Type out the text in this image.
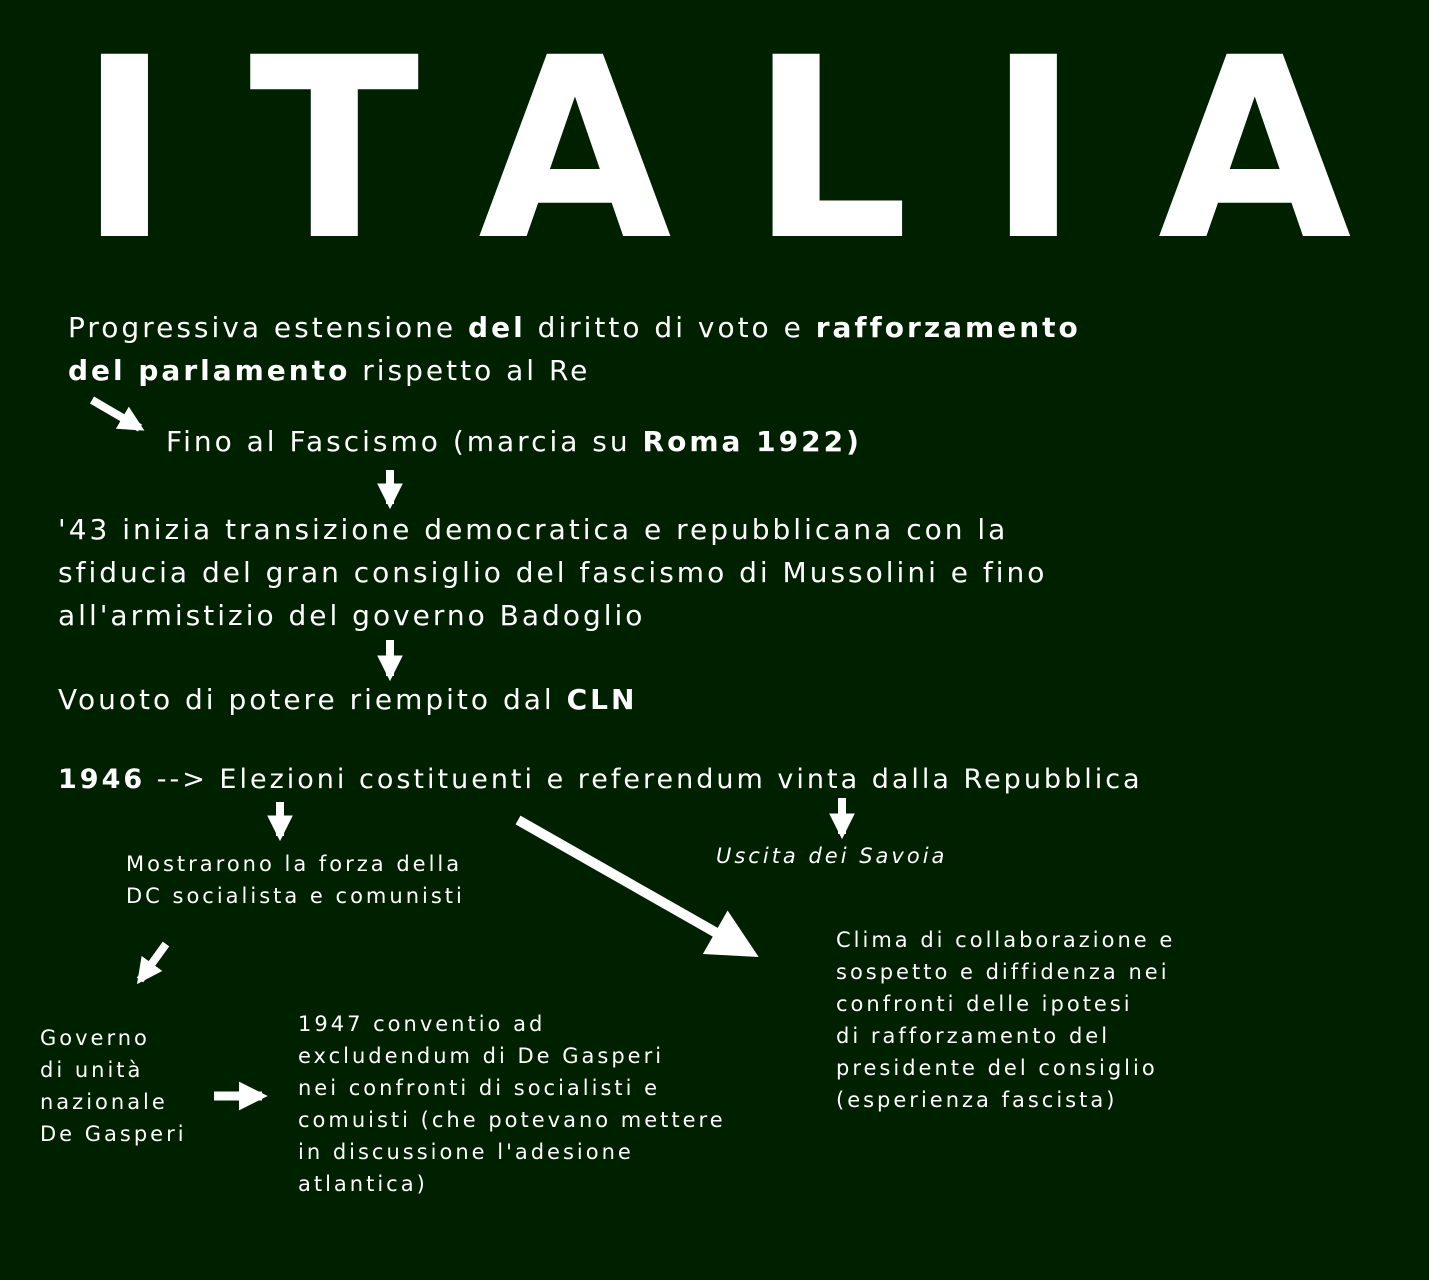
ITALIA
Progressiva estensione del diritto di voto e rafforzamento
del parlamento rispetto al Re
Fino al Fascismo (marcia su Roma 1922)
'43 inizia transizione democratica e repubblicana con la
sfiducia del gran consiglio del fascismo di Mussolini e fino
all'armistizio del governo Badoglio
Vouoto di potere riempito dal CLN
1946 --> Elezioni costituenti e referendum vinta dalla Repubblica
Mostrarono la forza della
DC socialista e comunisti
Uscita dei Savoia
Clima di collaborazione e
sospetto e diffidenza nei
confronti delle ipotesi
di rafforzamento del
presidente del consiglio
(esperienza fascista)
Governo
di unità
nazionale
De Gasperi
1947 conventio ad
excludendum di De Gasperi
nei confronti di socialisti e
comuisti (che potevano mettere
in discussione l'adesione
atlantica)
